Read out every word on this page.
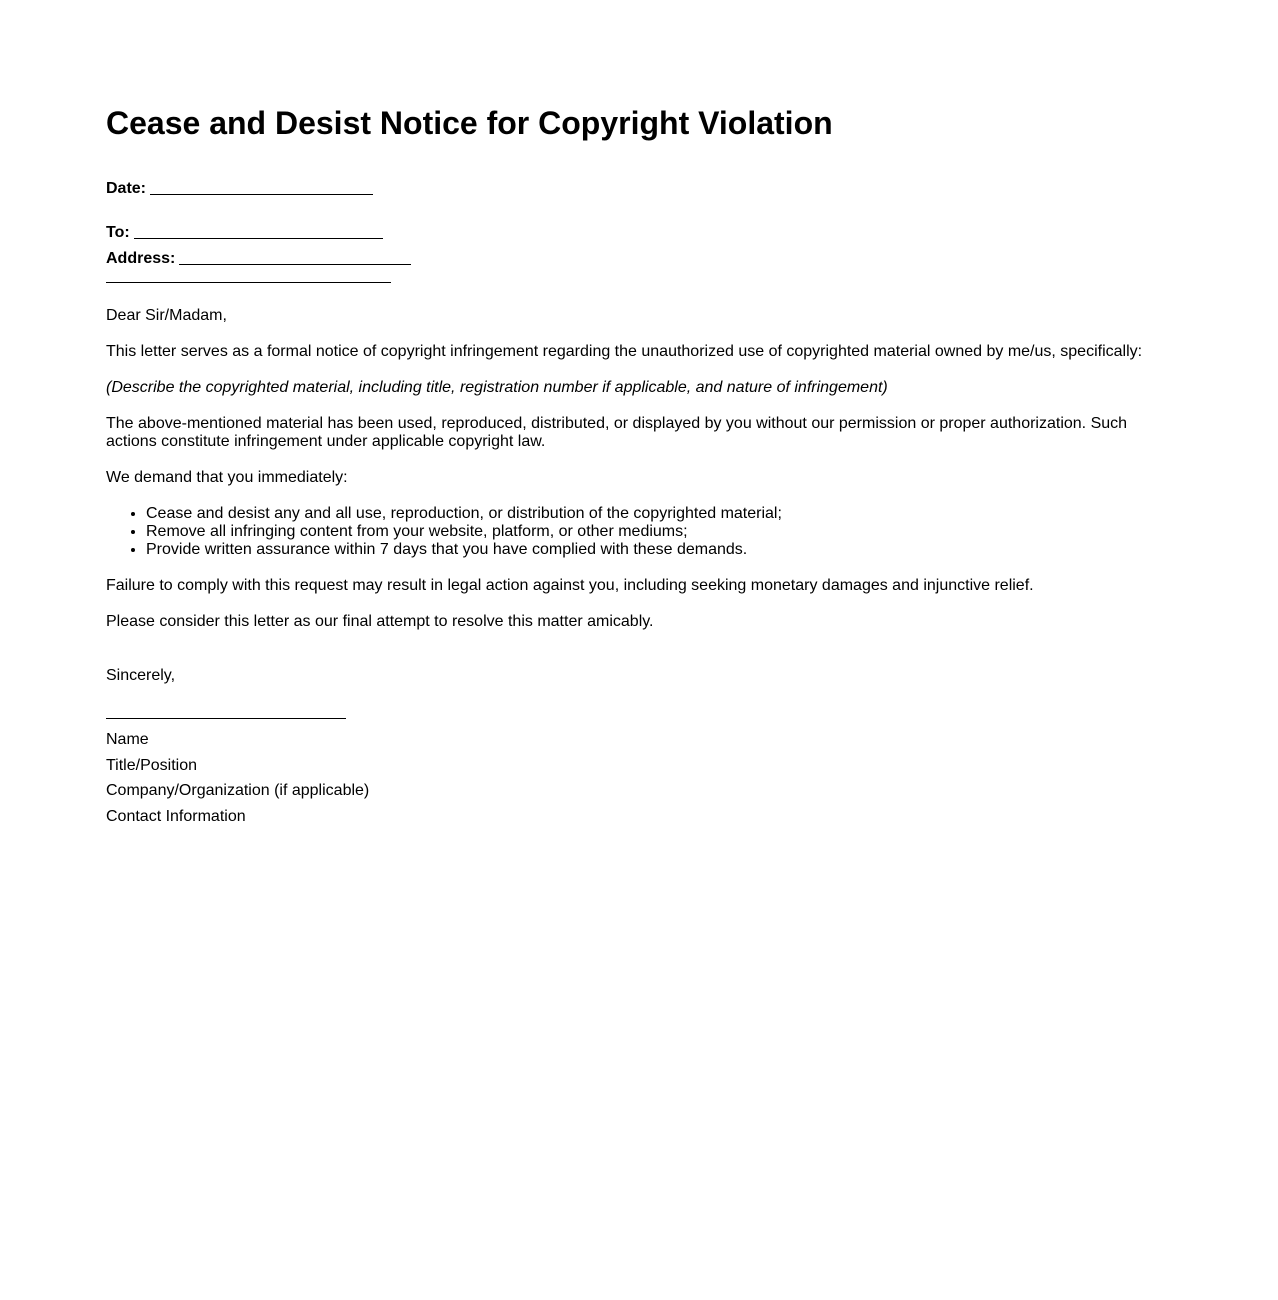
Cease and Desist Notice for Copyright Violation

Date:

To:

Address:

Dear Sir/Madam,

This letter serves as a formal notice of copyright infringement regarding the unauthorized use of copyrighted material owned by me/us, specifically:

(Describe the copyrighted material, including title, registration number if applicable, and nature of infringement)

The above-mentioned material has been used, reproduced, distributed, or displayed by you without our permission or proper authorization. Such actions constitute infringement under applicable copyright law.

We demand that you immediately:

• Cease and desist any and all use, reproduction, or distribution of the copyrighted material;
• Remove all infringing content from your website, platform, or other mediums;
• Provide written assurance within 7 days that you have complied with these demands.

Failure to comply with this request may result in legal action against you, including seeking monetary damages and injunctive relief.

Please consider this letter as our final attempt to resolve this matter amicably.

Sincerely,

Name
Title/Position
Company/Organization (if applicable)
Contact Information
